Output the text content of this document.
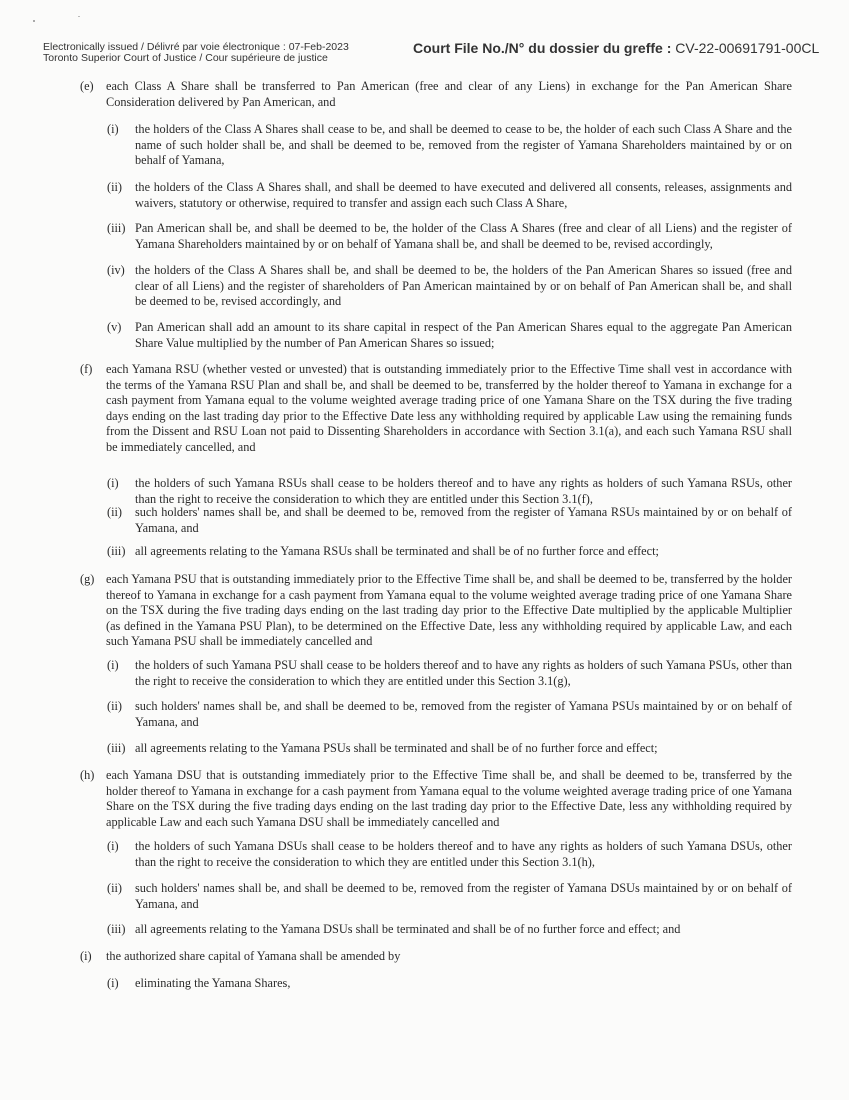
Electronically issued / Délivré par voie électronique : 07-Feb-2023
Toronto Superior Court of Justice / Cour supérieure de justice
Court File No./N° du dossier du greffe : CV-22-00691791-00CL
(e) each Class A Share shall be transferred to Pan American (free and clear of any Liens) in exchange for the Pan American Share Consideration delivered by Pan American, and
(i) the holders of the Class A Shares shall cease to be, and shall be deemed to cease to be, the holder of each such Class A Share and the name of such holder shall be, and shall be deemed to be, removed from the register of Yamana Shareholders maintained by or on behalf of Yamana,
(ii) the holders of the Class A Shares shall, and shall be deemed to have executed and delivered all consents, releases, assignments and waivers, statutory or otherwise, required to transfer and assign each such Class A Share,
(iii) Pan American shall be, and shall be deemed to be, the holder of the Class A Shares (free and clear of all Liens) and the register of Yamana Shareholders maintained by or on behalf of Yamana shall be, and shall be deemed to be, revised accordingly,
(iv) the holders of the Class A Shares shall be, and shall be deemed to be, the holders of the Pan American Shares so issued (free and clear of all Liens) and the register of shareholders of Pan American maintained by or on behalf of Pan American shall be, and shall be deemed to be, revised accordingly, and
(v) Pan American shall add an amount to its share capital in respect of the Pan American Shares equal to the aggregate Pan American Share Value multiplied by the number of Pan American Shares so issued;
(f) each Yamana RSU (whether vested or unvested) that is outstanding immediately prior to the Effective Time shall vest in accordance with the terms of the Yamana RSU Plan and shall be, and shall be deemed to be, transferred by the holder thereof to Yamana in exchange for a cash payment from Yamana equal to the volume weighted average trading price of one Yamana Share on the TSX during the five trading days ending on the last trading day prior to the Effective Date less any withholding required by applicable Law using the remaining funds from the Dissent and RSU Loan not paid to Dissenting Shareholders in accordance with Section 3.1(a), and each such Yamana RSU shall be immediately cancelled, and
(i) the holders of such Yamana RSUs shall cease to be holders thereof and to have any rights as holders of such Yamana RSUs, other than the right to receive the consideration to which they are entitled under this Section 3.1(f),
(ii) such holders' names shall be, and shall be deemed to be, removed from the register of Yamana RSUs maintained by or on behalf of Yamana, and
(iii) all agreements relating to the Yamana RSUs shall be terminated and shall be of no further force and effect;
(g) each Yamana PSU that is outstanding immediately prior to the Effective Time shall be, and shall be deemed to be, transferred by the holder thereof to Yamana in exchange for a cash payment from Yamana equal to the volume weighted average trading price of one Yamana Share on the TSX during the five trading days ending on the last trading day prior to the Effective Date multiplied by the applicable Multiplier (as defined in the Yamana PSU Plan), to be determined on the Effective Date, less any withholding required by applicable Law, and each such Yamana PSU shall be immediately cancelled and
(i) the holders of such Yamana PSU shall cease to be holders thereof and to have any rights as holders of such Yamana PSUs, other than the right to receive the consideration to which they are entitled under this Section 3.1(g),
(ii) such holders' names shall be, and shall be deemed to be, removed from the register of Yamana PSUs maintained by or on behalf of Yamana, and
(iii) all agreements relating to the Yamana PSUs shall be terminated and shall be of no further force and effect;
(h) each Yamana DSU that is outstanding immediately prior to the Effective Time shall be, and shall be deemed to be, transferred by the holder thereof to Yamana in exchange for a cash payment from Yamana equal to the volume weighted average trading price of one Yamana Share on the TSX during the five trading days ending on the last trading day prior to the Effective Date, less any withholding required by applicable Law and each such Yamana DSU shall be immediately cancelled and
(i) the holders of such Yamana DSUs shall cease to be holders thereof and to have any rights as holders of such Yamana DSUs, other than the right to receive the consideration to which they are entitled under this Section 3.1(h),
(ii) such holders' names shall be, and shall be deemed to be, removed from the register of Yamana DSUs maintained by or on behalf of Yamana, and
(iii) all agreements relating to the Yamana DSUs shall be terminated and shall be of no further force and effect; and
(i) the authorized share capital of Yamana shall be amended by
(i) eliminating the Yamana Shares,
